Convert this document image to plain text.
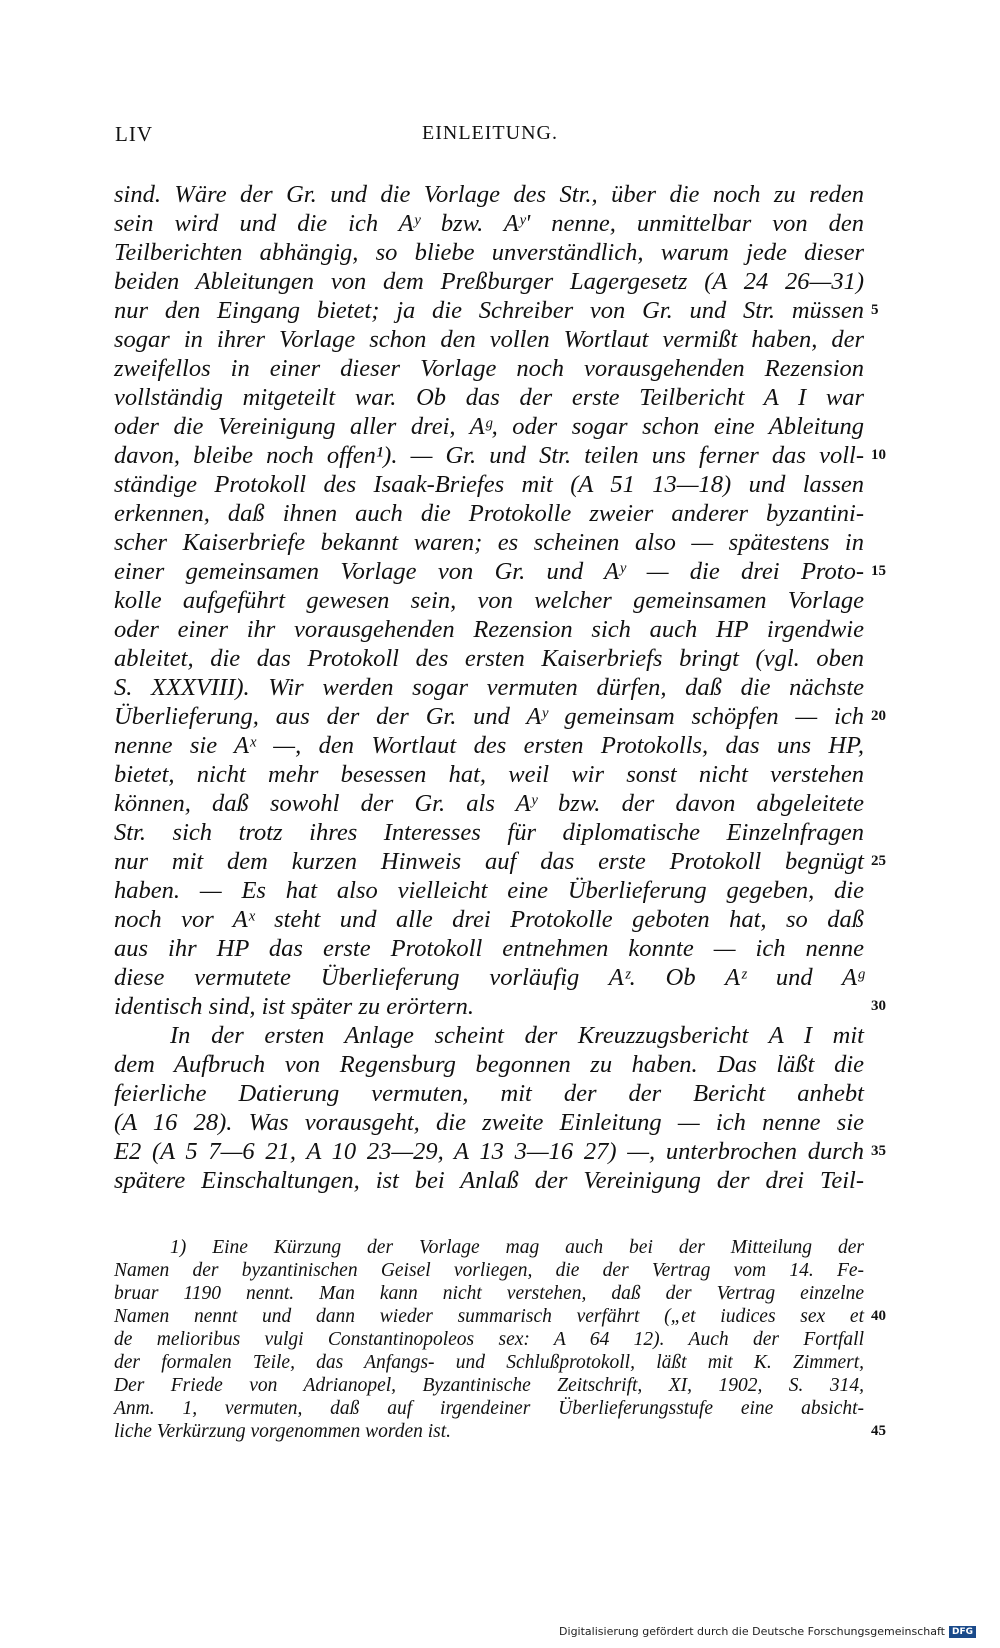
LIV	EINLEITUNG.
sind. Wäre der Gr. und die Vorlage des Str., über die noch zu reden
sein wird und die ich Aʸ bzw. Aʸ' nenne, unmittelbar von den
Teilberichten abhängig, so bliebe unverständlich, warum jede dieser
beiden Ableitungen von dem Preßburger Lagergesetz (A 24 26—31)
nur den Eingang bietet; ja die Schreiber von Gr. und Str. müssen 5
sogar in ihrer Vorlage schon den vollen Wortlaut vermißt haben, der
zweifellos in einer dieser Vorlage noch vorausgehenden Rezension
vollständig mitgeteilt war. Ob das der erste Teilbericht A I war
oder die Vereinigung aller drei, Aᵍ, oder sogar schon eine Ableitung
davon, bleibe noch offen¹). — Gr. und Str. teilen uns ferner das voll- 10
ständige Protokoll des Isaak-Briefes mit (A 51 13—18) und lassen
erkennen, daß ihnen auch die Protokolle zweier anderer byzantini-
scher Kaiserbriefe bekannt waren; es scheinen also — spätestens in
einer gemeinsamen Vorlage von Gr. und Aʸ — die drei Proto- 15
kolle aufgeführt gewesen sein, von welcher gemeinsamen Vorlage
oder einer ihr vorausgehenden Rezension sich auch HP irgendwie
ableitet, die das Protokoll des ersten Kaiserbriefs bringt (vgl. oben
S. XXXVIII). Wir werden sogar vermuten dürfen, daß die nächste
Überlieferung, aus der der Gr. und Aʸ gemeinsam schöpfen — ich 20
nenne sie Aˣ —, den Wortlaut des ersten Protokolls, das uns HP,
bietet, nicht mehr besessen hat, weil wir sonst nicht verstehen
können, daß sowohl der Gr. als Aʸ bzw. der davon abgeleitete
Str. sich trotz ihres Interesses für diplomatische Einzelnfragen
nur mit dem kurzen Hinweis auf das erste Protokoll begnügt 25
haben. — Es hat also vielleicht eine Überlieferung gegeben, die
noch vor Aˣ steht und alle drei Protokolle geboten hat, so daß
aus ihr HP das erste Protokoll entnehmen konnte — ich nenne
diese vermutete Überlieferung vorläufig Aᶻ. Ob Aᶻ und Aᵍ
identisch sind, ist später zu erörtern.	30
In der ersten Anlage scheint der Kreuzzugsbericht A I mit
dem Aufbruch von Regensburg begonnen zu haben. Das läßt die
feierliche Datierung vermuten, mit der der Bericht anhebt
(A 16 28). Was vorausgeht, die zweite Einleitung — ich nenne sie
E2 (A 5 7—6 21, A 10 23—29, A 13 3—16 27) —, unterbrochen durch 35
spätere Einschaltungen, ist bei Anlaß der Vereinigung der drei Teil-
1) Eine Kürzung der Vorlage mag auch bei der Mitteilung der
Namen der byzantinischen Geisel vorliegen, die der Vertrag vom 14. Fe-
bruar 1190 nennt. Man kann nicht verstehen, daß der Vertrag einzelne
Namen nennt und dann wieder summarisch verfährt („et iudices sex et 40
de melioribus vulgi Constantinopoleos sex: A 64 12). Auch der Fortfall
der formalen Teile, das Anfangs- und Schlußprotokoll, läßt mit K. Zimmert,
Der Friede von Adrianopel, Byzantinische Zeitschrift, XI, 1902, S. 314,
Anm. 1, vermuten, daß auf irgendeiner Überlieferungsstufe eine absicht-
liche Verkürzung vorgenommen worden ist.	45
Digitalisierung gefördert durch die Deutsche Forschungsgemeinschaft DFG
